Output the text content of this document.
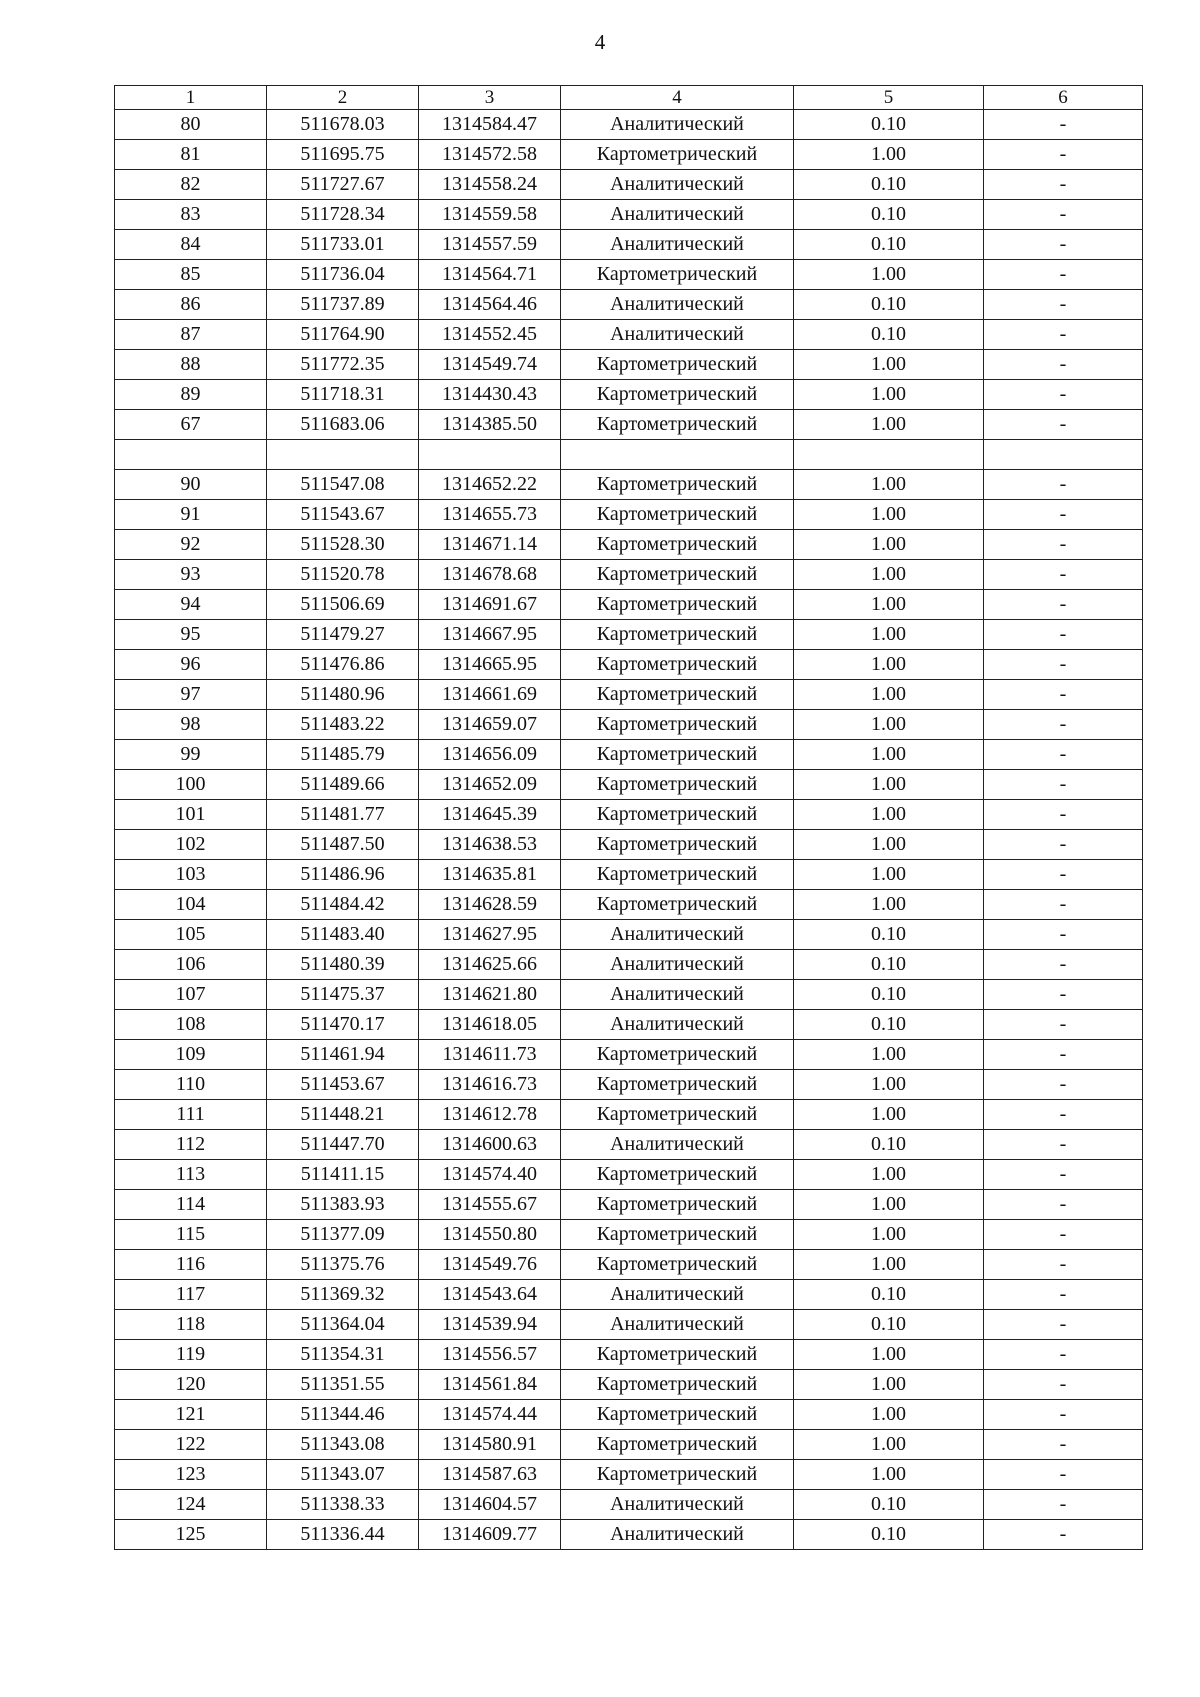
4
1	2	3	4	5	6
80	511678.03	1314584.47	Аналитический	0.10	-
81	511695.75	1314572.58	Картометрический	1.00	-
82	511727.67	1314558.24	Аналитический	0.10	-
83	511728.34	1314559.58	Аналитический	0.10	-
84	511733.01	1314557.59	Аналитический	0.10	-
85	511736.04	1314564.71	Картометрический	1.00	-
86	511737.89	1314564.46	Аналитический	0.10	-
87	511764.90	1314552.45	Аналитический	0.10	-
88	511772.35	1314549.74	Картометрический	1.00	-
89	511718.31	1314430.43	Картометрический	1.00	-
67	511683.06	1314385.50	Картометрический	1.00	-

90	511547.08	1314652.22	Картометрический	1.00	-
91	511543.67	1314655.73	Картометрический	1.00	-
92	511528.30	1314671.14	Картометрический	1.00	-
93	511520.78	1314678.68	Картометрический	1.00	-
94	511506.69	1314691.67	Картометрический	1.00	-
95	511479.27	1314667.95	Картометрический	1.00	-
96	511476.86	1314665.95	Картометрический	1.00	-
97	511480.96	1314661.69	Картометрический	1.00	-
98	511483.22	1314659.07	Картометрический	1.00	-
99	511485.79	1314656.09	Картометрический	1.00	-
100	511489.66	1314652.09	Картометрический	1.00	-
101	511481.77	1314645.39	Картометрический	1.00	-
102	511487.50	1314638.53	Картометрический	1.00	-
103	511486.96	1314635.81	Картометрический	1.00	-
104	511484.42	1314628.59	Картометрический	1.00	-
105	511483.40	1314627.95	Аналитический	0.10	-
106	511480.39	1314625.66	Аналитический	0.10	-
107	511475.37	1314621.80	Аналитический	0.10	-
108	511470.17	1314618.05	Аналитический	0.10	-
109	511461.94	1314611.73	Картометрический	1.00	-
110	511453.67	1314616.73	Картометрический	1.00	-
111	511448.21	1314612.78	Картометрический	1.00	-
112	511447.70	1314600.63	Аналитический	0.10	-
113	511411.15	1314574.40	Картометрический	1.00	-
114	511383.93	1314555.67	Картометрический	1.00	-
115	511377.09	1314550.80	Картометрический	1.00	-
116	511375.76	1314549.76	Картометрический	1.00	-
117	511369.32	1314543.64	Аналитический	0.10	-
118	511364.04	1314539.94	Аналитический	0.10	-
119	511354.31	1314556.57	Картометрический	1.00	-
120	511351.55	1314561.84	Картометрический	1.00	-
121	511344.46	1314574.44	Картометрический	1.00	-
122	511343.08	1314580.91	Картометрический	1.00	-
123	511343.07	1314587.63	Картометрический	1.00	-
124	511338.33	1314604.57	Аналитический	0.10	-
125	511336.44	1314609.77	Аналитический	0.10	-
